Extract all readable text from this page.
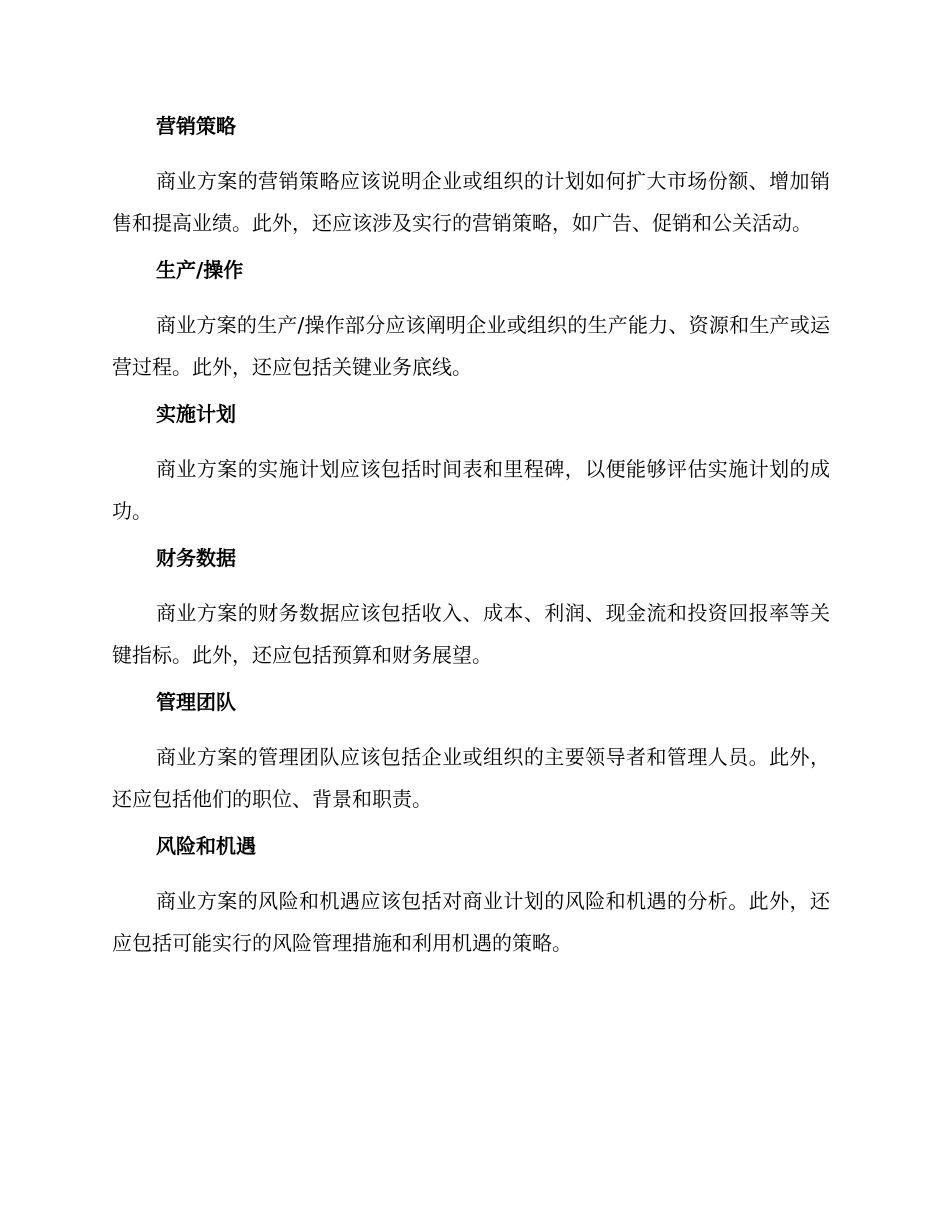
营销策略

商业方案的营销策略应该说明企业或组织的计划如何扩大市场份额、增加销售和提高业绩。此外，还应该涉及实行的营销策略，如广告、促销和公关活动。

生产/操作

商业方案的生产/操作部分应该阐明企业或组织的生产能力、资源和生产或运营过程。此外，还应包括关键业务底线。

实施计划

商业方案的实施计划应该包括时间表和里程碑，以便能够评估实施计划的成功。

财务数据

商业方案的财务数据应该包括收入、成本、利润、现金流和投资回报率等关键指标。此外，还应包括预算和财务展望。

管理团队

商业方案的管理团队应该包括企业或组织的主要领导者和管理人员。此外，还应包括他们的职位、背景和职责。

风险和机遇

商业方案的风险和机遇应该包括对商业计划的风险和机遇的分析。此外，还应包括可能实行的风险管理措施和利用机遇的策略。
